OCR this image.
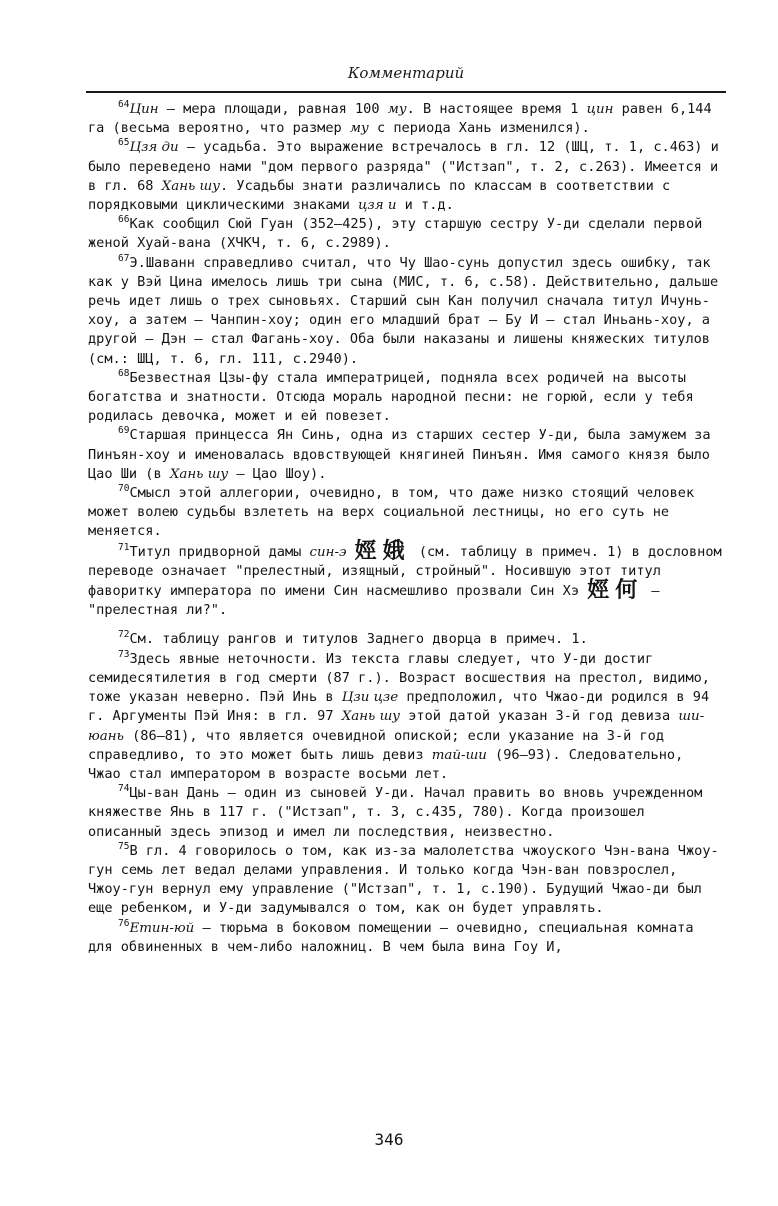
Комментарий

$^{64}$Цин — мера площади, равная 100 му. В настоящее время 1 цин равен 6,144 га (весьма вероятно, что размер му с периода Хань изменился).

$^{65}$Цзя ди — усадьба. Это выражение встречалось в гл. 12 (ШЦ, т. 1, с.463) и было переведено нами "дом первого разряда" ("Истзап", т. 2, с.263). Имеется и в гл. 68 Хань шу. Усадьбы знати различались по классам в соответствии с порядковыми циклическими знаками цзя и и т.д.

$^{66}$Как сообщил Сюй Гуан (352—425), эту старшую сестру У-ди сделали первой женой Хуай-вана (ХЧКЧ, т. 6, с.2989).

$^{67}$Э.Шаванн справедливо считал, что Чу Шао-сунь допустил здесь ошибку, так как у Вэй Цина имелось лишь три сына (МИС, т. 6, с.58). Действительно, дальше речь идет лишь о трех сыновьях. Старший сын Кан получил сначала титул Ичунь-хоу, а затем — Чанпин-хоу; один его младший брат — Бу И — стал Иньань-хоу, а другой — Дэн — стал Фагань-хоу. Оба были наказаны и лишены княжеских титулов (см.: ШЦ, т. 6, гл. 111, с.2940).

$^{68}$Безвестная Цзы-фу стала императрицей, подняла всех родичей на высоты богатства и знатности. Отсюда мораль народной песни: не горюй, если у тебя родилась девочка, может и ей повезет.

$^{69}$Старшая принцесса Ян Синь, одна из старших сестер У-ди, была замужем за Пинъян-хоу и именовалась вдовствующей княгиней Пинъян. Имя самого князя было Цао Ши (в Хань шу — Цао Шоу).

$^{70}$Смысл этой аллегории, очевидно, в том, что даже низко стоящий человек может волею судьбы взлететь на верх социальной лестницы, но его суть не меняется.

$^{71}$Титул придворной дамы син-э 娙娥 (см. таблицу в примеч. 1) в дословном переводе означает "прелестный, изящный, стройный". Носившую этот титул фаворитку императора по имени Син насмешливо прозвали Син Хэ 娙何 — "прелестная ли?".

$^{72}$См. таблицу рангов и титулов Заднего дворца в примеч. 1.

$^{73}$Здесь явные неточности. Из текста главы следует, что У-ди достиг семидесятилетия в год смерти (87 г.). Возраст восшествия на престол, видимо, тоже указан неверно. Пэй Инь в Цзи цзе предположил, что Чжао-ди родился в 94 г. Аргументы Пэй Иня: в гл. 97 Хань шу этой датой указан 3-й год девиза ши-юань (86—81), что является очевидной опиской; если указание на 3-й год справедливо, то это может быть лишь девиз тай-ши (96—93). Следовательно, Чжао стал императором в возрасте восьми лет.

$^{74}$Цы-ван Дань — один из сыновей У-ди. Начал править во вновь учрежденном княжестве Янь в 117 г. ("Истзап", т. 3, с.435, 780). Когда произошел описанный здесь эпизод и имел ли последствия, неизвестно.

$^{75}$В гл. 4 говорилось о том, как из-за малолетства чжоуского Чэн-вана Чжоу-гун семь лет ведал делами управления. И только когда Чэн-ван повзрослел, Чжоу-гун вернул ему управление ("Истзап", т. 1, с.190). Будущий Чжао-ди был еще ребенком, и У-ди задумывался о том, как он будет управлять.

$^{76}$Етин-юй — тюрьма в боковом помещении — очевидно, специальная комната для обвиненных в чем-либо наложниц. В чем была вина Гоу И,

346
